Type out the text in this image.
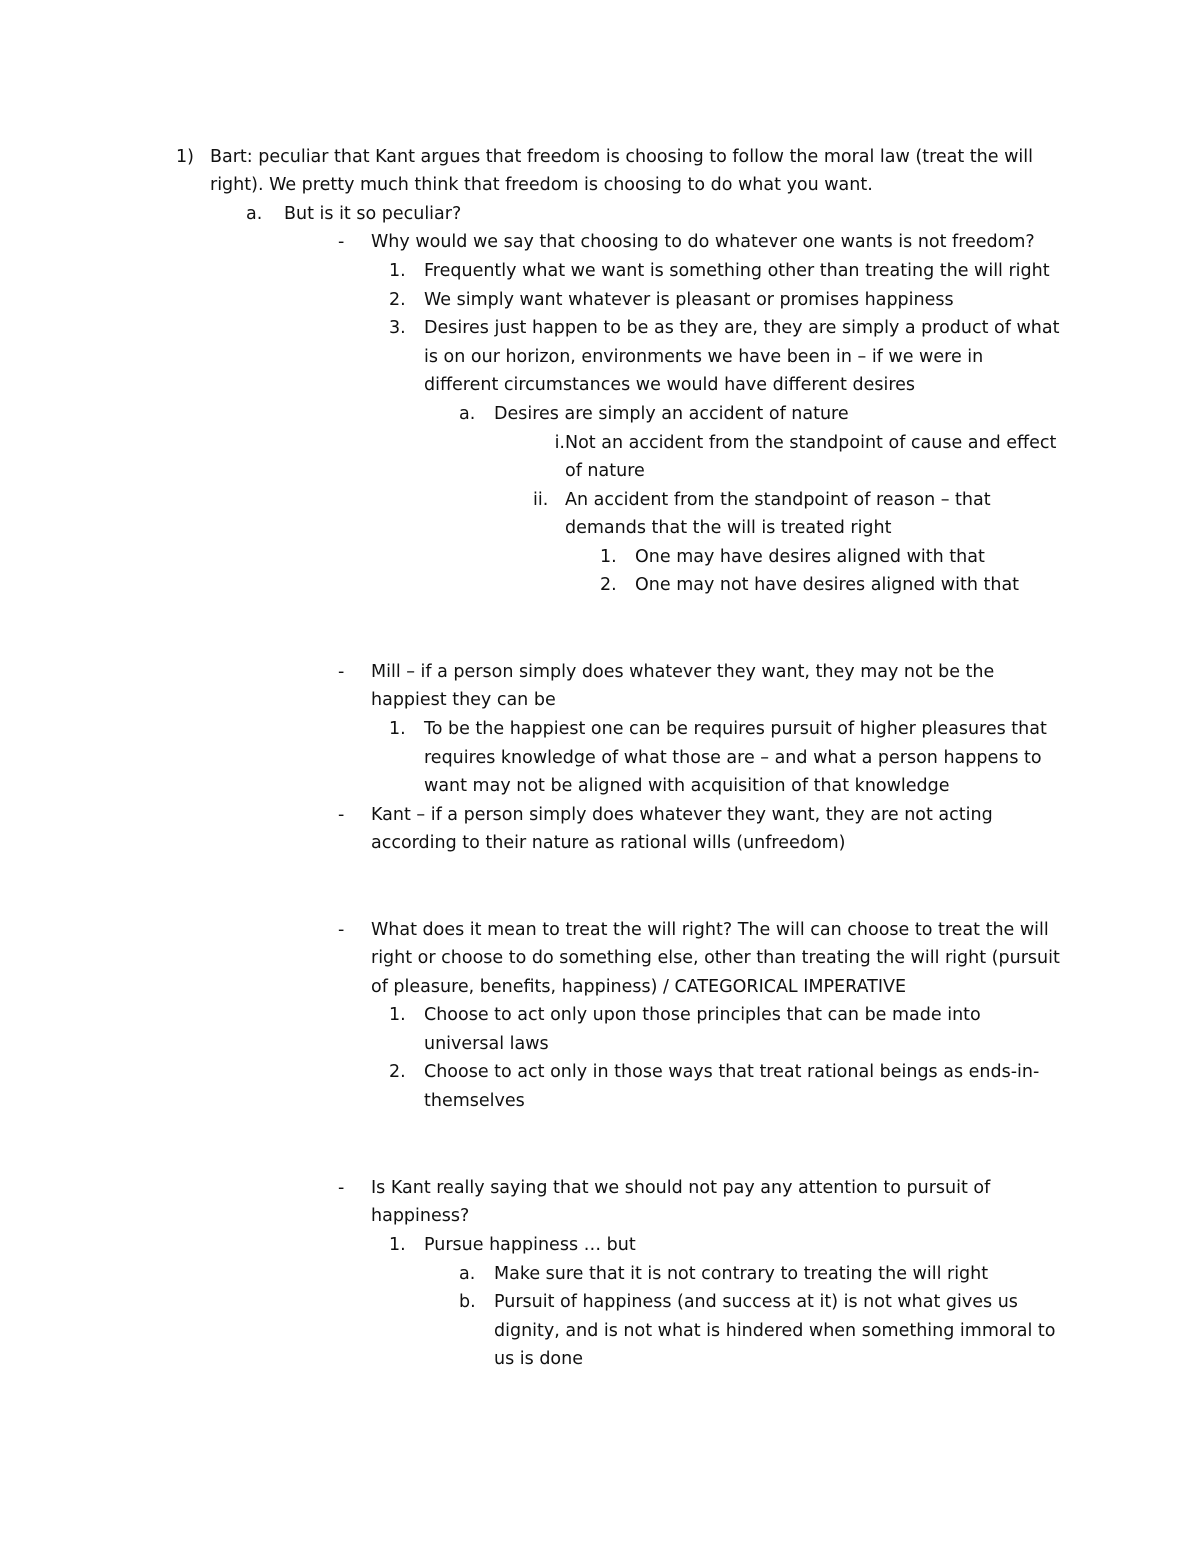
1) Bart: peculiar that Kant argues that freedom is choosing to follow the moral law (treat the will
right). We pretty much think that freedom is choosing to do what you want.
a.	But is it so peculiar?
-	Why would we say that choosing to do whatever one wants is not freedom?
1.	Frequently what we want is something other than treating the will right
2.	We simply want whatever is pleasant or promises happiness
3.	Desires just happen to be as they are, they are simply a product of what
is on our horizon, environments we have been in – if we were in
different circumstances we would have different desires
a.	Desires are simply an accident of nature
i. Not an accident from the standpoint of cause and effect
of nature
ii. An accident from the standpoint of reason – that
demands that the will is treated right
1.	One may have desires aligned with that
2.	One may not have desires aligned with that
-	Mill – if a person simply does whatever they want, they may not be the
happiest they can be
1.	To be the happiest one can be requires pursuit of higher pleasures that
requires knowledge of what those are – and what a person happens to
want may not be aligned with acquisition of that knowledge
-	Kant – if a person simply does whatever they want, they are not acting
according to their nature as rational wills (unfreedom)
-	What does it mean to treat the will right? The will can choose to treat the will
right or choose to do something else, other than treating the will right (pursuit
of pleasure, benefits, happiness) / CATEGORICAL IMPERATIVE
1.	Choose to act only upon those principles that can be made into
universal laws
2.	Choose to act only in those ways that treat rational beings as ends-in-
themselves
-	Is Kant really saying that we should not pay any attention to pursuit of
happiness?
1.	Pursue happiness … but
a.	Make sure that it is not contrary to treating the will right
b.	Pursuit of happiness (and success at it) is not what gives us
dignity, and is not what is hindered when something immoral to
us is done
